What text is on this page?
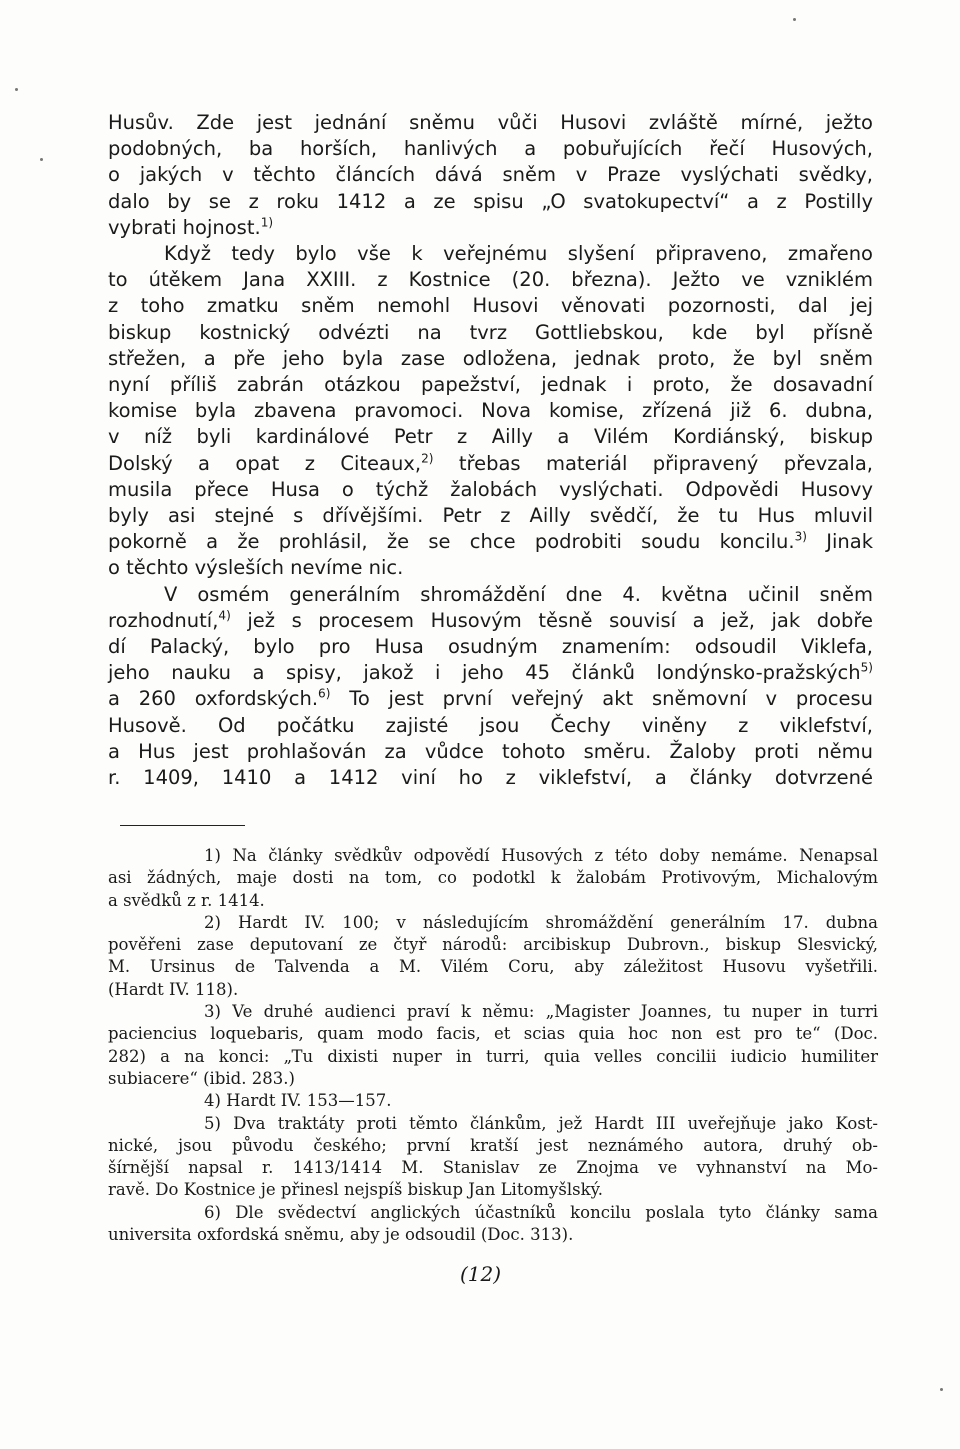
Husův. Zde jest jednání sněmu vůči Husovi zvláště mírné, ježto
podobných, ba horších, hanlivých a pobuřujících řečí Husových,
o jakých v těchto článcích dává sněm v Praze vyslýchati svědky,
dalo by se z roku 1412 a ze spisu „O svatokupectví“ a z Postilly
vybrati hojnost.$^{1)}$
Když tedy bylo vše k veřejnému slyšení připraveno, zmařeno
to útěkem Jana XXIII. z Kostnice (20. března). Ježto ve vzniklém
z toho zmatku sněm nemohl Husovi věnovati pozornosti, dal jej
biskup kostnický odvézti na tvrz Gottliebskou, kde byl přísně
střežen, a pře jeho byla zase odložena, jednak proto, že byl sněm
nyní příliš zabrán otázkou papežství, jednak i proto, že dosavadní
komise byla zbavena pravomoci. Nova komise, zřízená již 6. dubna,
v níž byli kardinálové Petr z Ailly a Vilém Kordiánský, biskup
Dolský a opat z Citeaux,$^{2)}$ třebas materiál připravený převzala,
musila přece Husa o týchž žalobách vyslýchati. Odpovědi Husovy
byly asi stejné s dřívějšími. Petr z Ailly svědčí, že tu Hus mluvil
pokorně a že prohlásil, že se chce podrobiti soudu koncilu.$^{3)}$ Jinak
o těchto výsleších nevíme nic.
V osmém generálním shromáždění dne 4. května učinil sněm
rozhodnutí,$^{4)}$ jež s procesem Husovým těsně souvisí a jež, jak dobře
dí Palacký, bylo pro Husa osudným znamením: odsoudil Viklefa,
jeho nauku a spisy, jakož i jeho 45 článků londýnsko-pražských$^{5)}$
a 260 oxfordských.$^{6)}$ To jest první veřejný akt sněmovní v procesu
Husově. Od počátku zajisté jsou Čechy viněny z viklefství,
a Hus jest prohlašován za vůdce tohoto směru. Žaloby proti němu
r. 1409, 1410 a 1412 viní ho z viklefství, a články dotvrzené
1) Na články svědkův odpovědí Husových z této doby nemáme. Nenapsal
asi žádných, maje dosti na tom, co podotkl k žalobám Protivovým, Michalovým
a svědků z r. 1414.
2) Hardt IV. 100; v následujícím shromáždění generálním 17. dubna
pověřeni zase deputovaní ze čtyř národů: arcibiskup Dubrovn., biskup Slesvický,
M. Ursinus de Talvenda a M. Vilém Coru, aby záležitost Husovu vyšetřili.
(Hardt IV. 118).
3) Ve druhé audienci praví k němu: „Magister Joannes, tu nuper in turri
paciencius loquebaris, quam modo facis, et scias quia hoc non est pro te“ (Doc.
282) a na konci: „Tu dixisti nuper in turri, quia velles concilii iudicio humiliter
subiacere“ (ibid. 283.)
4) Hardt IV. 153—157.
5) Dva traktáty proti těmto článkům, jež Hardt III uveřejňuje jako Kost-
nické, jsou původu českého; první kratší jest neznámého autora, druhý ob-
šírnější napsal r. 1413/1414 M. Stanislav ze Znojma ve vyhnanství na Mo-
ravě. Do Kostnice je přinesl nejspíš biskup Jan Litomyšlský.
6) Dle svědectví anglických účastníků koncilu poslala tyto články sama
universita oxfordská sněmu, aby je odsoudil (Doc. 313).
(12)
